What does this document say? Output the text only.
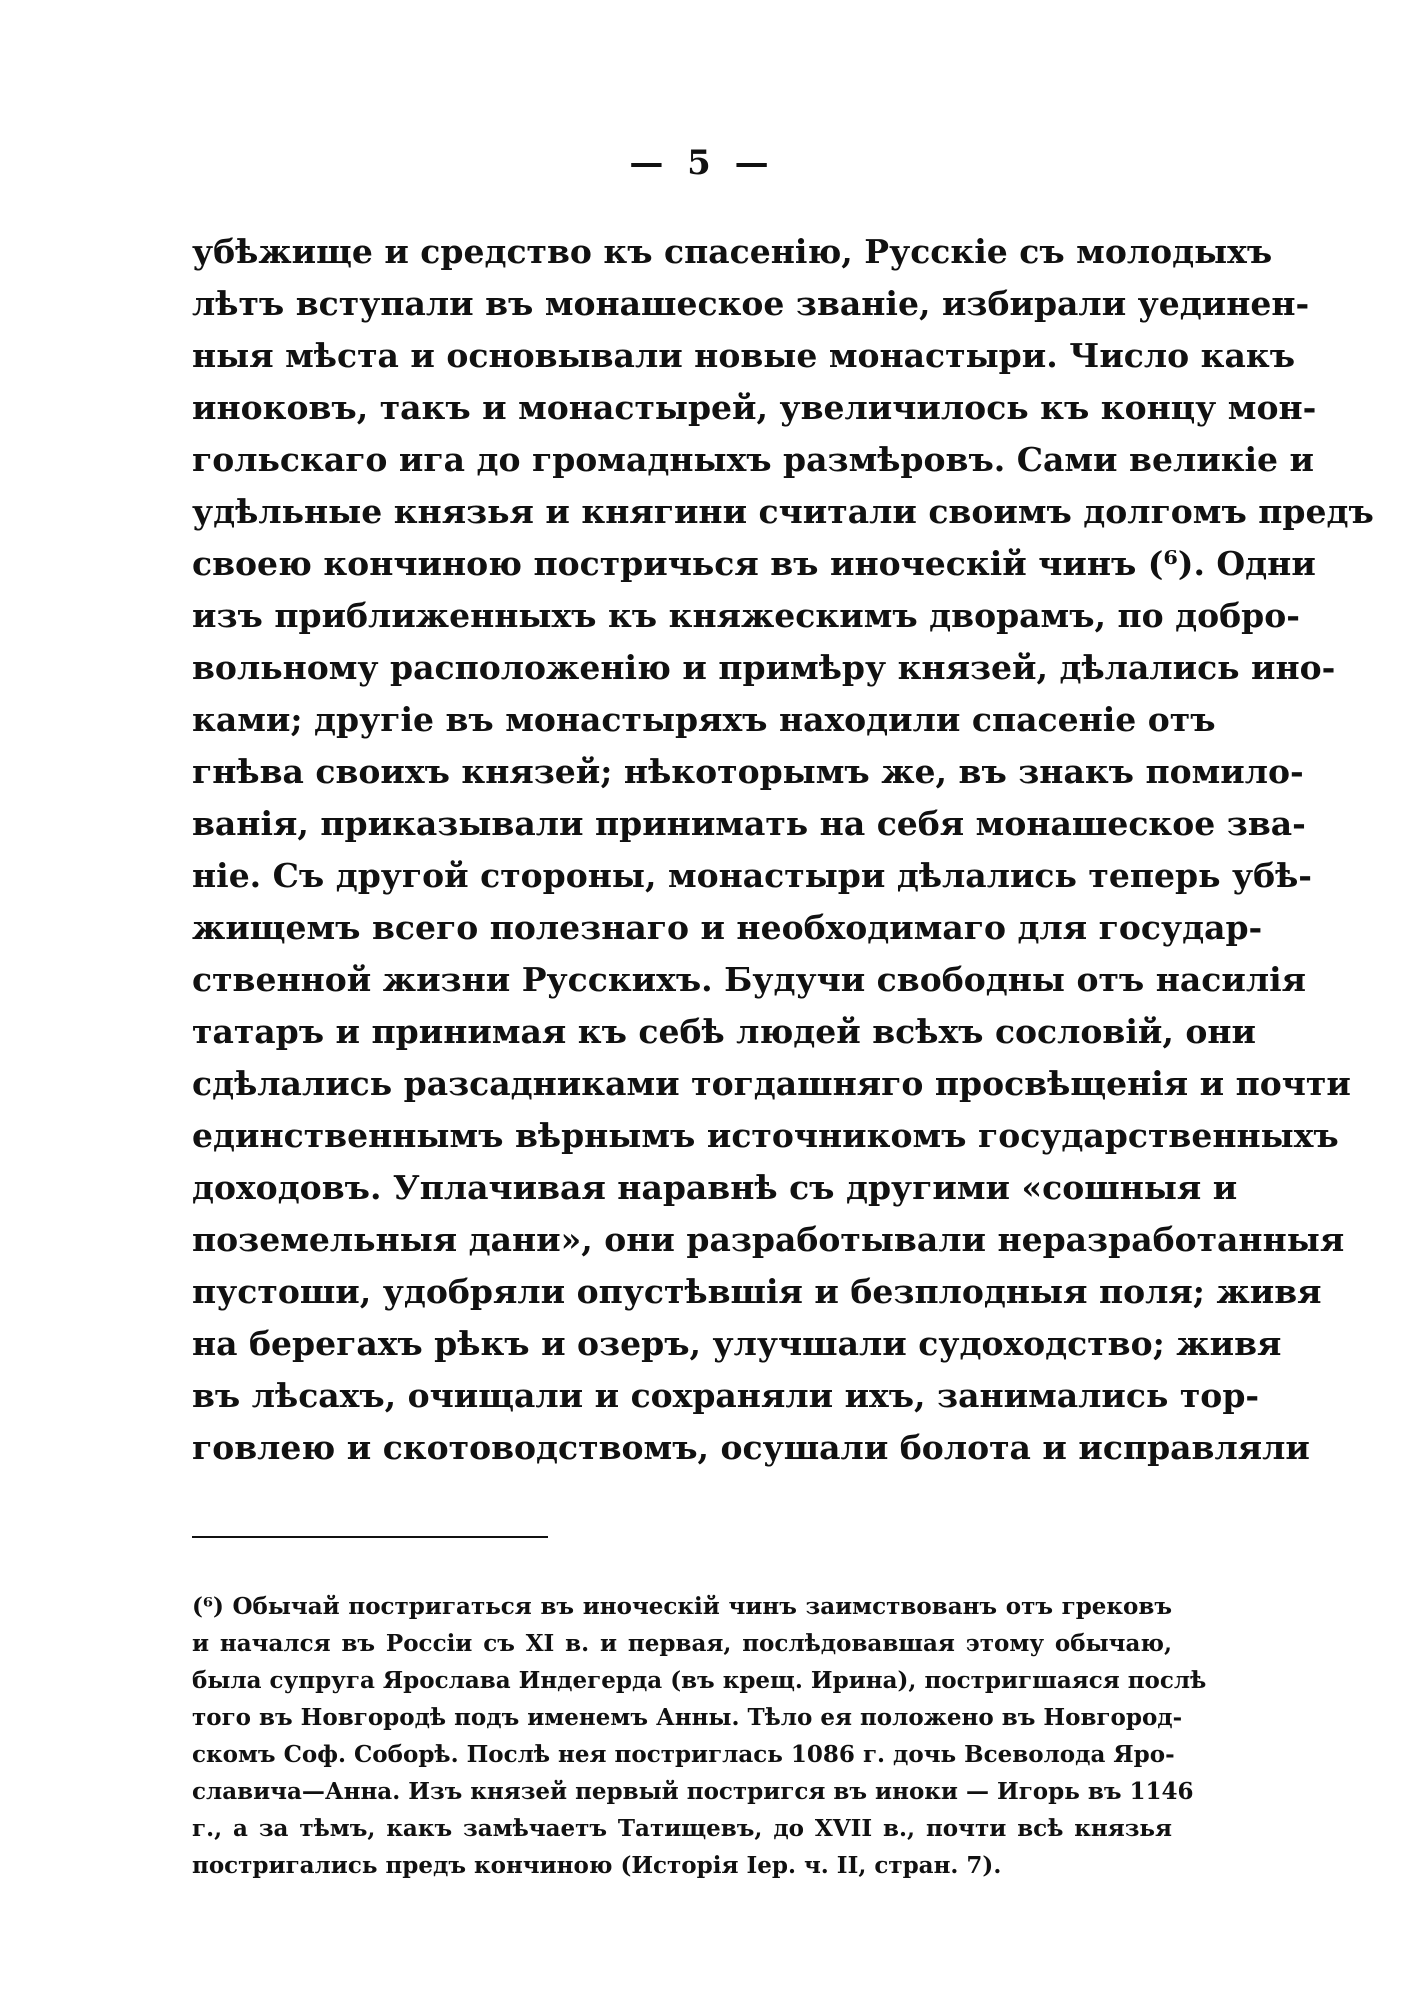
— 5 —
убѣжище и средство къ спасенію, Русскіе съ молодыхъ
лѣтъ вступали въ монашеское званіе, избирали уединен-
ныя мѣста и основывали новые монастыри. Число какъ
иноковъ, такъ и монастырей, увеличилось къ концу мон-
гольскаго ига до громадныхъ размѣровъ. Сами великіе и
удѣльные князья и княгини считали своимъ долгомъ предъ
своею кончиною постричься въ иноческій чинъ (⁶). Одни
изъ приближенныхъ къ княжескимъ дворамъ, по добро-
вольному расположенію и примѣру князей, дѣлались ино-
ками; другіе въ монастыряхъ находили спасеніе отъ
гнѣва своихъ князей; нѣкоторымъ же, въ знакъ помило-
ванія, приказывали принимать на себя монашеское зва-
ніе. Съ другой стороны, монастыри дѣлались теперь убѣ-
жищемъ всего полезнаго и необходимаго для государ-
ственной жизни Русскихъ. Будучи свободны отъ насилія
татаръ и принимая къ себѣ людей всѣхъ сословій, они
сдѣлались разсадниками тогдашняго просвѣщенія и почти
единственнымъ вѣрнымъ источникомъ государственныхъ
доходовъ. Уплачивая наравнѣ съ другими «сошныя и
поземельныя дани», они разработывали неразработанныя
пустоши, удобряли опустѣвшія и безплодныя поля; живя
на берегахъ рѣкъ и озеръ, улучшали судоходство; живя
въ лѣсахъ, очищали и сохраняли ихъ, занимались тор-
говлею и скотоводствомъ, осушали болота и исправляли
(⁶) Обычай постригаться въ иноческій чинъ заимствованъ отъ грековъ
и начался въ Россіи съ XI в. и первая, послѣдовавшая этому обычаю,
была супруга Ярослава Индегерда (въ крещ. Ирина), постригшаяся послѣ
того въ Новгородѣ подъ именемъ Анны. Тѣло ея положено въ Новгород-
скомъ Соф. Соборѣ. Послѣ нея постриглась 1086 г. дочь Всеволода Яро-
славича—Анна. Изъ князей первый постригся въ иноки — Игорь въ 1146
г., а за тѣмъ, какъ замѣчаетъ Татищевъ, до XVII в., почти всѣ князья
постригались предъ кончиною (Исторія Іер. ч. II, стран. 7).
